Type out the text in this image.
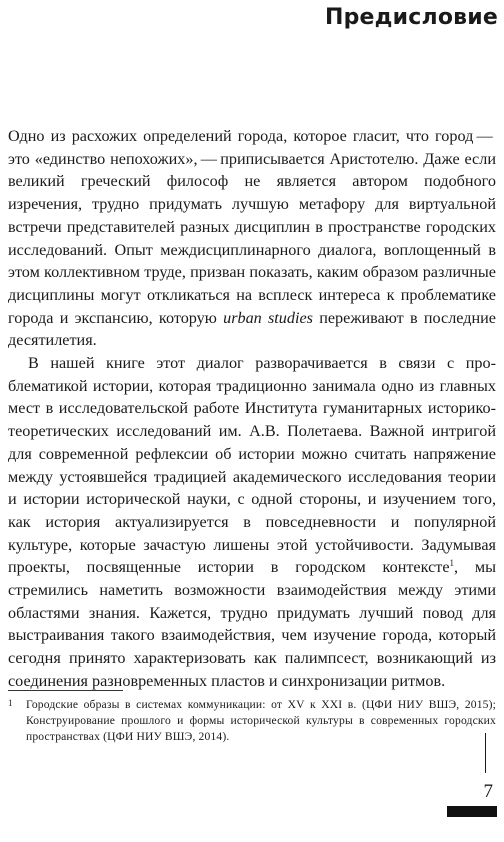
Предисловие

Одно из расхожих определений города, которое гласит, что город — это «единство непохожих», — приписывается Аристотелю. Даже если великий греческий философ не является автором подобного изречения, трудно придумать лучшую метафору для виртуальной встречи представителей разных дисциплин в пространстве городских исследований. Опыт междисциплинарного диалога, воплощенный в этом коллективном труде, призван показать, каким образом различные дисциплины могут откликаться на всплеск интереса к проблематике города и экспансию, которую urban studies переживают в последние десятилетия.

В нашей книге этот диалог разворачивается в связи с проблематикой истории, которая традиционно занимала одно из главных мест в исследовательской работе Института гуманитарных историко-теоретических исследований им. А.В. Полетаева. Важной интригой для современной рефлексии об истории можно считать напряжение между устоявшейся традицией академического исследования теории и истории исторической науки, с одной стороны, и изучением того, как история актуализируется в повседневности и популярной культуре, которые зачастую лишены этой устойчивости. Задумывая проекты, посвященные истории в городском контексте$^1$, мы стремились наметить возможности взаимодействия между этими областями знания. Кажется, трудно придумать лучший повод для выстраивания такого взаимодействия, чем изучение города, который сегодня принято характеризовать как палимпсест, возникающий из соединения разновременных пластов и синхронизации ритмов.

1	Городские образы в системах коммуникации: от XV к XXI в. (ЦФИ НИУ ВШЭ, 2015); Конструирование прошлого и формы исторической культуры в современных городских пространствах (ЦФИ НИУ ВШЭ, 2014).
7
